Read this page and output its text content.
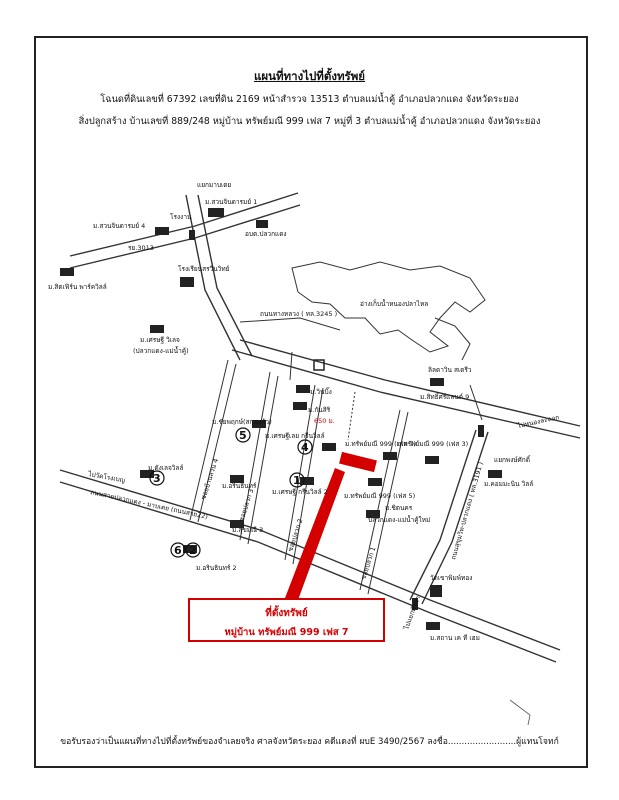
แผนที่ทางไปที่ตั้งทรัพย์
โฉนดที่ดินเลขที่ 67392 เลขที่ดิน 2169 หน้าสำรวจ 13513 ตำบลแม่น้ำคู้ อำเภอปลวกแดง จังหวัดระยอง
สิ่งปลูกสร้าง บ้านเลขที่ 889/248 หมู่บ้าน ทรัพย์มณี 999 เฟส 7 หมู่ที่ 3 ตำบลแม่น้ำคู้ อำเภอปลวกแดง จังหวัดระยอง
1
2
3
4
5
6
แยกมาบเตย
ม.สวนจินดารมย์ 1
โรงงาน
อบต.ปลวกแดง
ม.สวนจินดารมย์ 4
รย.3013
โรงเรียนสรวีนวิทย์
ม.สิตเฟิร์น พาร์ควิลล์
ถนนทางหลวง ( ทล.3245 )
ม.เศรษฐี วิเลจ
(ปลวกแดง-แม่น้ำคู้)
อ่างเก็บน้ำหนองปลาไหล
ม.วินบิ๊ง
ม.กันสิริ
650 ม.
ม.ชัยพฤกษ์(สกุลแก้ว)
ม.เศรษฐีเลย กรีนวิลล์
ม.ทรัพย์มณี 999 (เฟส 7)
ม.ทรัพย์มณี 999 (เฟส 3)
ม.ทรัพย์มณี 999 (เฟส 5)
ม.เศรษฐี กรีนวิลล์ 2
ม.ตังเลจวิลล์
ม.อรินธินทร์
ม.สุขมณี 3
ม.อรินธินทร์ 2
ม.ชิตนคร
ปลวกแดง-แม่น้ำคู้ใหม่
ลิลดาวิน สเตรีว
ม.สิทธิ์ศรีแลนด์ 9
ไปหนองละลอก
แยกพงษ์ศักดิ์
ม.คอมมะนิน วิลล์
วัดเขาพิมพ์ทอง
ม.สถาน เค ที เฮม
ไปวัดโรงเบญ
ถนนสายปลวกแดง - มาบเตย (ถนนสาย22)	ถนนสุขุมวิท-ปลวกแดง ( ทล.3191 )
ไปแยกพัทยา
ซอยบ้านสวน 4
ซอยปลวก 3
ซอยปลวก 2
ซอยปลวก 1
ที่ตั้งทรัพย์
หมู่บ้าน ทรัพย์มณี 999 เฟส 7
ขอรับรองว่าเป็นแผนที่ทางไปที่ตั้งทรัพย์ของจำเลยจริง ศาลจังหวัดระยอง คดีแดงที่ ผบE 3490/2567 ลงชื่อ.........................ผู้แทนโจทก์
